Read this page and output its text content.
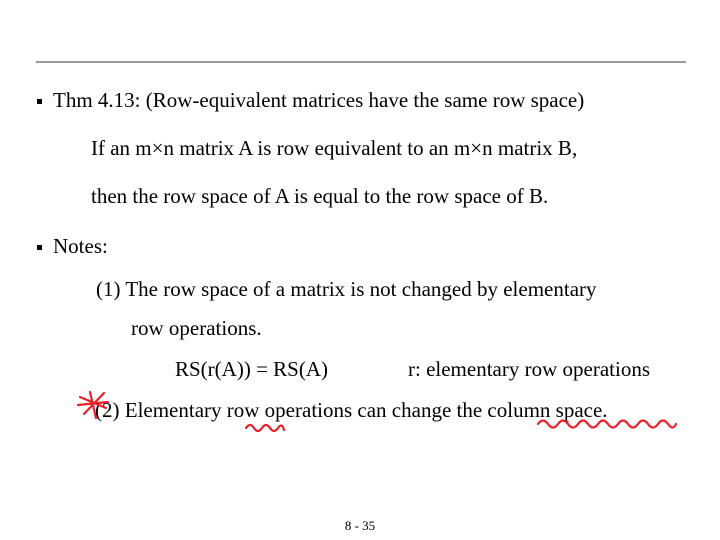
Thm 4.13: (Row-equivalent matrices have the same row space)
If an m×n matrix A is row equivalent to an m×n matrix B,
then the row space of A is equal to the row space of B.
Notes:
(1) The row space of a matrix is not changed by elementary
row operations.
RS(r(A)) = RS(A)	r: elementary row operations
(2) Elementary row operations can change the column space.
8 - 35
